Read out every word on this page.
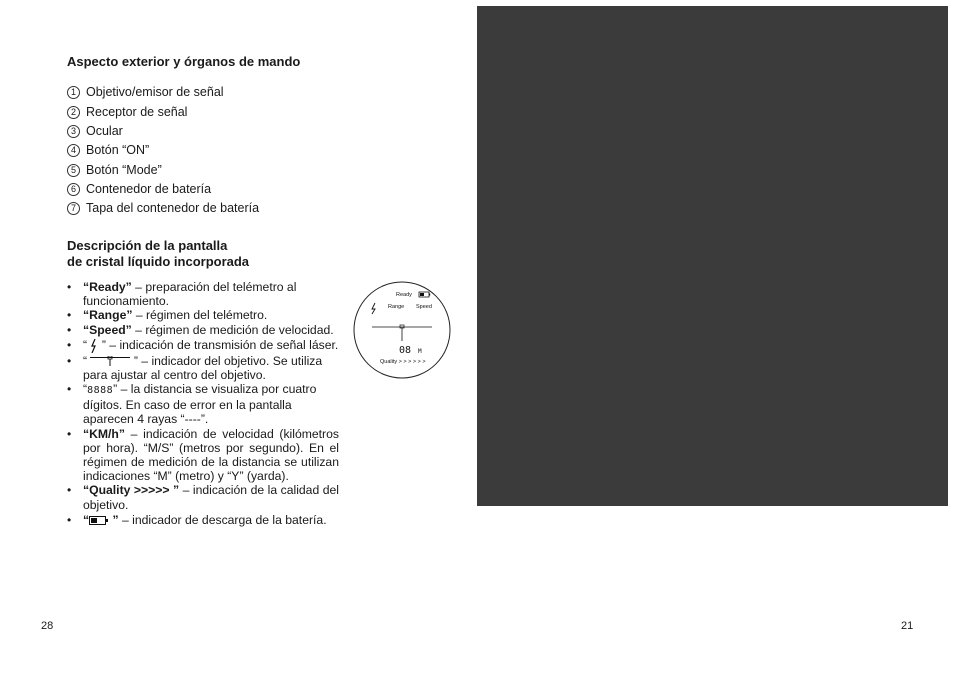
Aspecto exterior y órganos de mando
1 Objetivo/emisor de señal
2 Receptor de señal
3 Ocular
4 Botón “ON”
5 Botón “Mode”
6 Contenedor de batería
7 Tapa del contenedor de batería
Descripción de la pantalla
de cristal líquido incorporada
• “Ready” – preparación del telémetro al funcionamiento.
• “Range” – régimen del telémetro.
• “Speed” – régimen de medición de velocidad.
• “  ” – indicación de transmisión de señal láser.
• “	” – indicador del objetivo. Se utiliza para ajustar al centro del objetivo.
• “8888” – la distancia se visualiza por cuatro dígitos. En caso de error en la pantalla aparecen 4 rayas “----”.
• “KM/h” – indicación de velocidad (kilómetros por hora). “M/S” (metros por segundo). En el régimen de medición de la distancia se utilizan indicaciones “M” (metro) y “Y” (yarda).
• “Quality >>>>> ” – indicación de la calidad del objetivo.
• “ ” – indicador de descarga de la batería.
Ready
Range Speed
08 M
Quality > > > > > >
28	21
